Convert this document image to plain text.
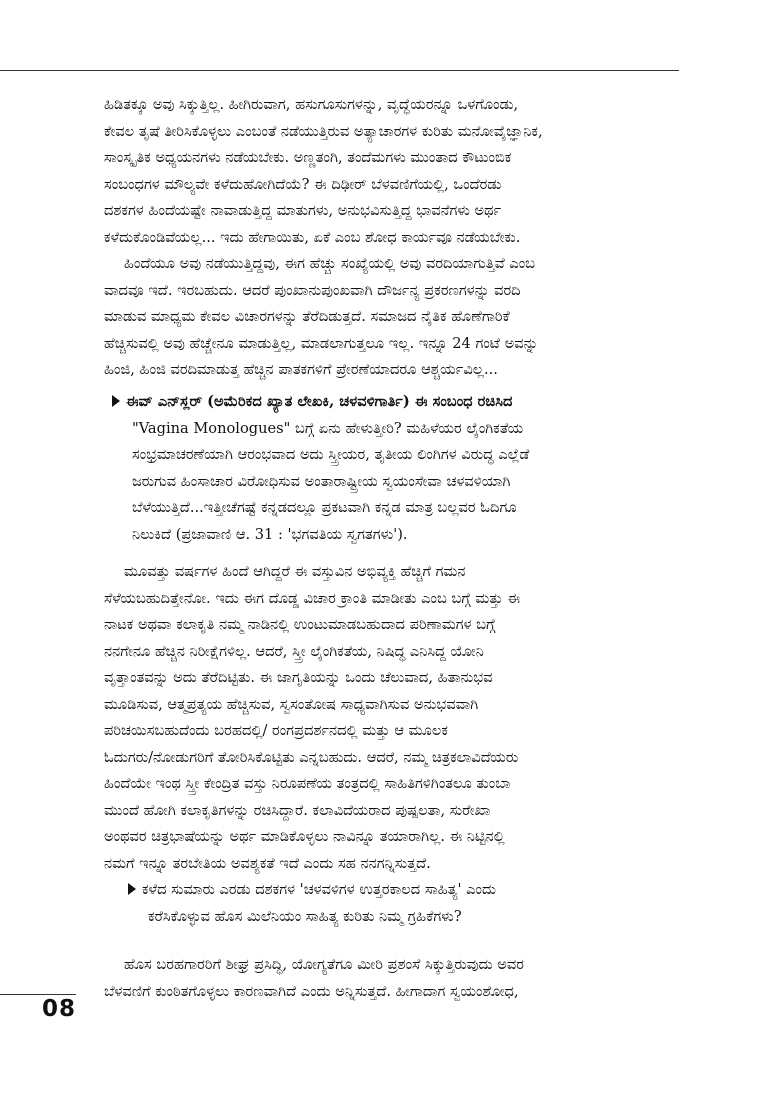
ಹಿಡಿತಕ್ಕೂ ಅವು ಸಿಕ್ಕುತ್ತಿಲ್ಲ. ಹೀಗಿರುವಾಗ, ಹಸುಗೂಸುಗಳನ್ನು, ವೃದ್ಧೆಯರನ್ನೂ ಒಳಗೊಂಡು,
ಕೇವಲ ತೃಷೆ ತೀರಿಸಿಕೊಳ್ಳಲು ಎಂಬಂತೆ ನಡೆಯುತ್ತಿರುವ ಅತ್ಯಾಚಾರಗಳ ಕುರಿತು ಮನೋವೈಜ್ಞಾನಿಕ,
ಸಾಂಸ್ಕೃತಿಕ ಅಧ್ಯಯನಗಳು ನಡೆಯಬೇಕು. ಅಣ್ಣತಂಗಿ, ತಂದೆಮಗಳು ಮುಂತಾದ ಕೌಟುಂಬಿಕ
ಸಂಬಂಧಗಳ ಮೌಲ್ಯವೇ ಕಳೆದುಹೋಗಿದೆಯೆ? ಈ ದಿಢೀರ್ ಬೆಳವಣಿಗೆಯಲ್ಲಿ, ಒಂದೆರಡು
ದಶಕಗಳ ಹಿಂದೆಯಷ್ಟೇ ನಾವಾಡುತ್ತಿದ್ದ ಮಾತುಗಳು, ಅನುಭವಿಸುತ್ತಿದ್ದ ಭಾವನೆಗಳು ಅರ್ಥ
ಕಳೆದುಕೊಂಡಿವೆಯಲ್ಲ... ಇದು ಹೇಗಾಯಿತು, ಏಕೆ ಎಂಬ ಶೋಧ ಕಾರ್ಯವೂ ನಡೆಯಬೇಕು.
ಹಿಂದೆಯೂ ಅವು ನಡೆಯುತ್ತಿದ್ದವು, ಈಗ ಹೆಚ್ಚು ಸಂಖ್ಯೆಯಲ್ಲಿ ಅವು ವರದಿಯಾಗುತ್ತಿವೆ ಎಂಬ
ವಾದವೂ ಇದೆ. ಇರಬಹುದು. ಆದರೆ ಪುಂಖಾನುಪುಂಖವಾಗಿ ದೌರ್ಜನ್ಯ ಪ್ರಕರಣಗಳನ್ನು ವರದಿ
ಮಾಡುವ ಮಾಧ್ಯಮ ಕೇವಲ ವಿಚಾರಗಳನ್ನು ತೆರೆದಿಡುತ್ತದೆ. ಸಮಾಜದ ನೈತಿಕ ಹೊಣೆಗಾರಿಕೆ
ಹೆಚ್ಚಿಸುವಲ್ಲಿ ಅವು ಹೆಚ್ಚೇನೂ ಮಾಡುತ್ತಿಲ್ಲ, ಮಾಡಲಾಗುತ್ತಲೂ ಇಲ್ಲ. ಇನ್ನೂ 24 ಗಂಟೆ ಅವನ್ನು
ಹಿಂಜಿ, ಹಿಂಜಿ ವರದಿಮಾಡುತ್ತ ಹೆಚ್ಚಿನ ಪಾತಕಗಳಿಗೆ ಪ್ರೇರಣೆಯಾದರೂ ಆಶ್ಚರ್ಯವಿಲ್ಲ...
ಈವ್ ಎನ್‌ಸ್ಲರ್ (ಅಮೆರಿಕದ ಖ್ಯಾತ ಲೇಖಕಿ, ಚಳವಳಿಗಾರ್ತಿ) ಈ ಸಂಬಂಧ ರಚಿಸಿದ
"Vagina Monologues" ಬಗ್ಗೆ ಏನು ಹೇಳುತ್ತೀರಿ? ಮಹಿಳೆಯರ ಲೈಂಗಿಕತೆಯ
ಸಂಭ್ರಮಾಚರಣೆಯಾಗಿ ಆರಂಭವಾದ ಅದು ಸ್ತ್ರೀಯರ, ತೃತೀಯ ಲಿಂಗಿಗಳ ವಿರುದ್ಧ ಎಲ್ಲೆಡೆ
ಜರುಗುವ ಹಿಂಸಾಚಾರ ವಿರೋಧಿಸುವ ಅಂತಾರಾಷ್ಟ್ರೀಯ ಸ್ವಯಂಸೇವಾ ಚಳವಳಿಯಾಗಿ
ಬೆಳೆಯುತ್ತಿದೆ...ಇತ್ತೀಚೆಗಷ್ಟೆ ಕನ್ನಡದಲ್ಲೂ ಪ್ರಕಟವಾಗಿ ಕನ್ನಡ ಮಾತ್ರ ಬಲ್ಲವರ ಓದಿಗೂ
ನಿಲುಕಿದೆ (ಪ್ರಜಾವಾಣಿ ಆ. 31 : 'ಭಗವತಿಯ ಸ್ವಗತಗಳು').
ಮೂವತ್ತು ವರ್ಷಗಳ ಹಿಂದೆ ಆಗಿದ್ದರೆ ಈ ವಸ್ತುವಿನ ಅಭಿವ್ಯಕ್ತಿ ಹೆಚ್ಚಿಗೆ ಗಮನ
ಸೆಳೆಯಬಹುದಿತ್ತೇನೋ. ಇದು ಈಗ ದೊಡ್ಡ ವಿಚಾರ ಕ್ರಾಂತಿ ಮಾಡೀತು ಎಂಬ ಬಗ್ಗೆ ಮತ್ತು ಈ
ನಾಟಕ ಅಥವಾ ಕಲಾಕೃತಿ ನಮ್ಮ ನಾಡಿನಲ್ಲಿ ಉಂಟುಮಾಡಬಹುದಾದ ಪರಿಣಾಮಗಳ ಬಗ್ಗೆ
ನನಗೇನೂ ಹೆಚ್ಚಿನ ನಿರೀಕ್ಷೆಗಳಿಲ್ಲ. ಆದರೆ, ಸ್ತ್ರೀ ಲೈಂಗಿಕತೆಯ, ನಿಷಿದ್ಧ ಎನಿಸಿದ್ದ ಯೋನಿ
ವೃತ್ತಾಂತವನ್ನು ಅದು ತೆರೆದಿಟ್ಟಿತು. ಈ ಜಾಗೃತಿಯನ್ನು ಒಂದು ಚೆಲುವಾದ, ಹಿತಾನುಭವ
ಮೂಡಿಸುವ, ಆತ್ಮಪ್ರತ್ಯಯ ಹೆಚ್ಚಿಸುವ, ಸ್ವಸಂತೋಷ ಸಾಧ್ಯವಾಗಿಸುವ ಅನುಭವವಾಗಿ
ಪರಿಚಯಿಸಬಹುದೆಂದು ಬರಹದಲ್ಲಿ/ ರಂಗಪ್ರದರ್ಶನದಲ್ಲಿ ಮತ್ತು ಆ ಮೂಲಕ
ಓದುಗರು/ನೋಡುಗರಿಗೆ ತೋರಿಸಿಕೊಟ್ಟಿತು ಎನ್ನಬಹುದು. ಆದರೆ, ನಮ್ಮ ಚಿತ್ರಕಲಾವಿದೆಯರು
ಹಿಂದೆಯೇ ಇಂಥ ಸ್ತ್ರೀ ಕೇಂದ್ರಿತ ವಸ್ತು ನಿರೂಪಣೆಯ ತಂತ್ರದಲ್ಲಿ ಸಾಹಿತಿಗಳಿಗಿಂತಲೂ ತುಂಬಾ
ಮುಂದೆ ಹೋಗಿ ಕಲಾಕೃತಿಗಳನ್ನು ರಚಿಸಿದ್ದಾರೆ. ಕಲಾವಿದೆಯರಾದ ಪುಷ್ಪಲತಾ, ಸುರೇಖಾ
ಅಂಥವರ ಚಿತ್ರಭಾಷೆಯನ್ನು ಅರ್ಥ ಮಾಡಿಕೊಳ್ಳಲು ನಾವಿನ್ನೂ ತಯಾರಾಗಿಲ್ಲ. ಈ ನಿಟ್ಟಿನಲ್ಲಿ
ನಮಗೆ ಇನ್ನೂ ತರಬೇತಿಯ ಅವಶ್ಯಕತೆ ಇದೆ ಎಂದು ಸಹ ನನಗನ್ನಿಸುತ್ತದೆ.
ಕಳೆದ ಸುಮಾರು ಎರಡು ದಶಕಗಳ 'ಚಳವಳಿಗಳ ಉತ್ತರಕಾಲದ ಸಾಹಿತ್ಯ' ಎಂದು
ಕರೆಸಿಕೊಳ್ಳುವ ಹೊಸ ಮಿಲೆನಿಯಂ ಸಾಹಿತ್ಯ ಕುರಿತು ನಿಮ್ಮ ಗ್ರಹಿಕೆಗಳು?
ಹೊಸ ಬರಹಗಾರರಿಗೆ ಶೀಘ್ರ ಪ್ರಸಿದ್ಧಿ, ಯೋಗ್ಯತೆಗೂ ಮೀರಿ ಪ್ರಶಂಸೆ ಸಿಕ್ಕುತ್ತಿರುವುದು ಅವರ
ಬೆಳವಣಿಗೆ ಕುಂಠಿತಗೊಳ್ಳಲು ಕಾರಣವಾಗಿದೆ ಎಂದು ಅನ್ನಿಸುತ್ತದೆ. ಹೀಗಾದಾಗ ಸ್ವಯಂಶೋಧ,
08
